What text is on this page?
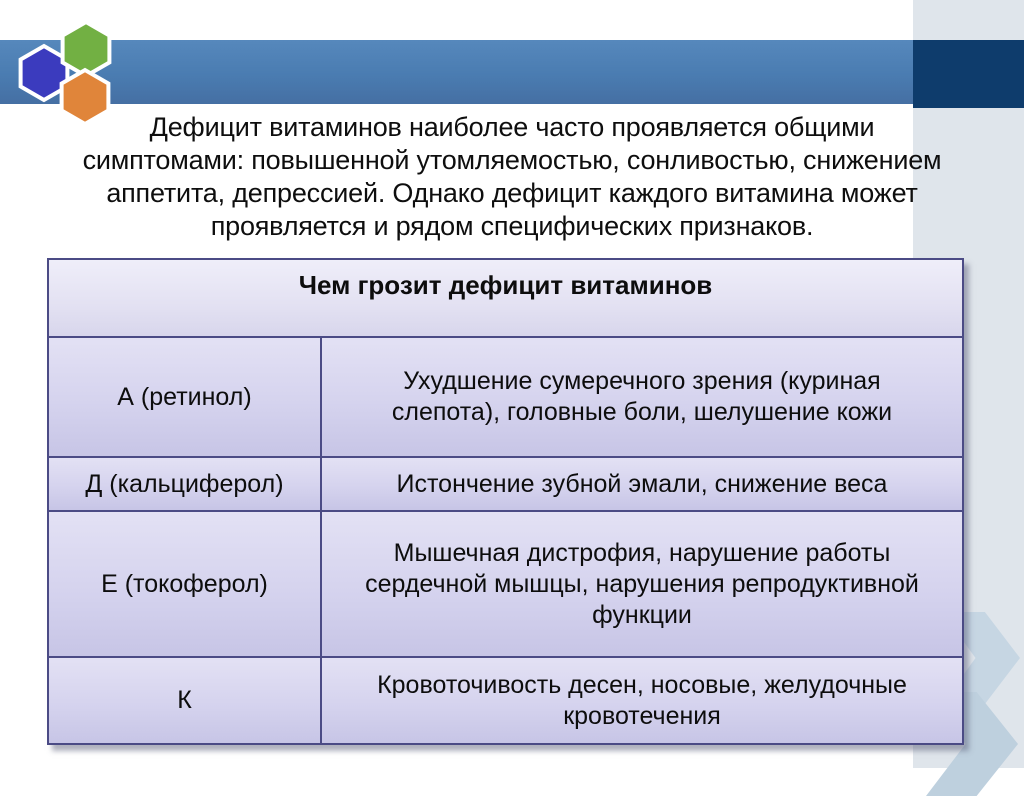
Дефицит витаминов наиболее часто проявляется общими симптомами: повышенной утомляемостью, сонливостью, снижением аппетита, депрессией. Однако дефицит каждого витамина может проявляется и рядом специфических признаков.
Чем грозит дефицит витаминов	
А (ретинол)	Ухудшение сумеречного зрения (куриная слепота), головные боли, шелушение кожи
Д (кальциферол)	Истончение зубной эмали, снижение веса
Е (токоферол)	Мышечная дистрофия, нарушение работы сердечной мышцы, нарушения репродуктивной функции
К	Кровоточивость десен, носовые, желудочные кровотечения
